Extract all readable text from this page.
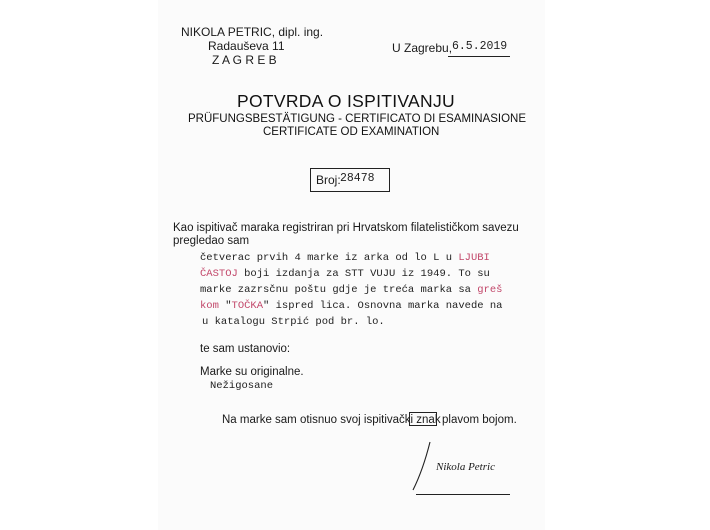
NIKOLA PETRIC, dipl. ing.
Radauševa 11
Z A G R E B
U Zagrebu, 6.5.2019
POTVRDA O ISPITIVANJU
PRÜFUNGSBESTÄTIGUNG - CERTIFICATO DI ESAMINASIONE
CERTIFICATE OD EXAMINATION
Broj: 28478
Kao ispitivač maraka registriran pri Hrvatskom filatelističkom savezu
pregledao sam
četverac prvih 4 marke iz arka od lo L u LJUBI
ČASTOJ boji izdanja za STT VUJU iz 1949. To su
marke zazrsčnu poštu gdje je treća marka sa greš
kom "TOČKA" ispred lica. Osnovna marka navede na
u katalogu Strpić pod br. lo.
te sam ustanovio:
Marke su originalne.
Nežigosane
Na marke sam otisnuo svoj ispitivački znak plavom bojom.
Nikola Petric
